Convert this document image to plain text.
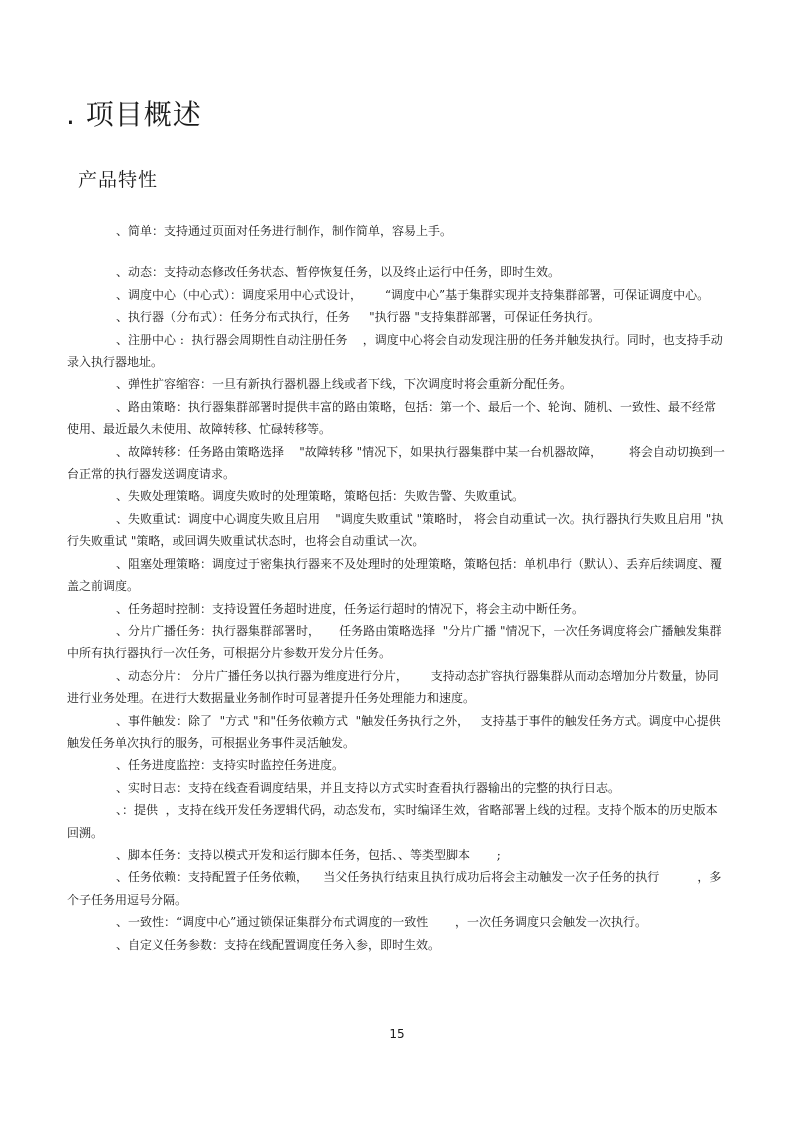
. 项目概述
产品特性

、简单：支持通过页面对任务进行制作，制作简单，容易上手。

、动态：支持动态修改任务状态、暂停恢复任务，以及终止运行中任务，即时生效。

、调度中心（中心式）：调度采用中心式设计，      “调度中心”基于集群实现并支持集群部署，可保证调度中心。

、执行器（分布式）：任务分布式执行，任务     "执行器 "支持集群部署，可保证任务执行。

、注册中心 :  执行器会周期性自动注册任务    ，调度中心将会自动发现注册的任务并触发执行。同时，也支持手动录入执行器地址。

、弹性扩容缩容：一旦有新执行器机器上线或者下线，下次调度时将会重新分配任务。

、路由策略：执行器集群部署时提供丰富的路由策略，包括：第一个、最后一个、轮询、随机、一致性、最不经常使用、最近最久未使用、故障转移、忙碌转移等。

、故障转移：任务路由策略选择    "故障转移 "情况下，如果执行器集群中某一台机器故障，       将会自动切换到一台正常的执行器发送调度请求。

、失败处理策略。调度失败时的处理策略，策略包括：失败告警、失败重试。

、失败重试：调度中心调度失败且启用    "调度失败重试 "策略时， 将会自动重试一次。执行器执行失败且启用 "执行失败重试 "策略，或回调失败重试状态时，也将会自动重试一次。

、阻塞处理策略：调度过于密集执行器来不及处理时的处理策略，策略包括：单机串行（默认）、丢弃后续调度、覆盖之前调度。

、任务超时控制：支持设置任务超时进度，任务运行超时的情况下，将会主动中断任务。

、分片广播任务：执行器集群部署时，     任务路由策略选择  "分片广播 "情况下，一次任务调度将会广播触发集群中所有执行器执行一次任务，可根据分片参数开发分片任务。

、动态分片： 分片广播任务以执行器为维度进行分片，      支持动态扩容执行器集群从而动态增加分片数量，协同进行业务处理。在进行大数据量业务制作时可显著提升任务处理能力和速度。

、事件触发：除了  "方式 "和"任务依赖方式  "触发任务执行之外，   支持基于事件的触发任务方式。调度中心提供触发任务单次执行的服务，可根据业务事件灵活触发。

、任务进度监控：支持实时监控任务进度。

、实时日志：支持在线查看调度结果，并且支持以方式实时查看执行器输出的完整的执行日志。

、：提供  ，支持在线开发任务逻辑代码，动态发布，实时编译生效，省略部署上线的过程。支持个版本的历史版本回溯。

、脚本任务：支持以模式开发和运行脚本任务，包括、、等类型脚本       ;

、任务依赖：支持配置子任务依赖，    当父任务执行结束且执行成功后将会主动触发一次子任务的执行          ，多个子任务用逗号分隔。

、一致性：“调度中心”通过锁保证集群分布式调度的一致性       ，一次任务调度只会触发一次执行。

、自定义任务参数：支持在线配置调度任务入参，即时生效。

15
